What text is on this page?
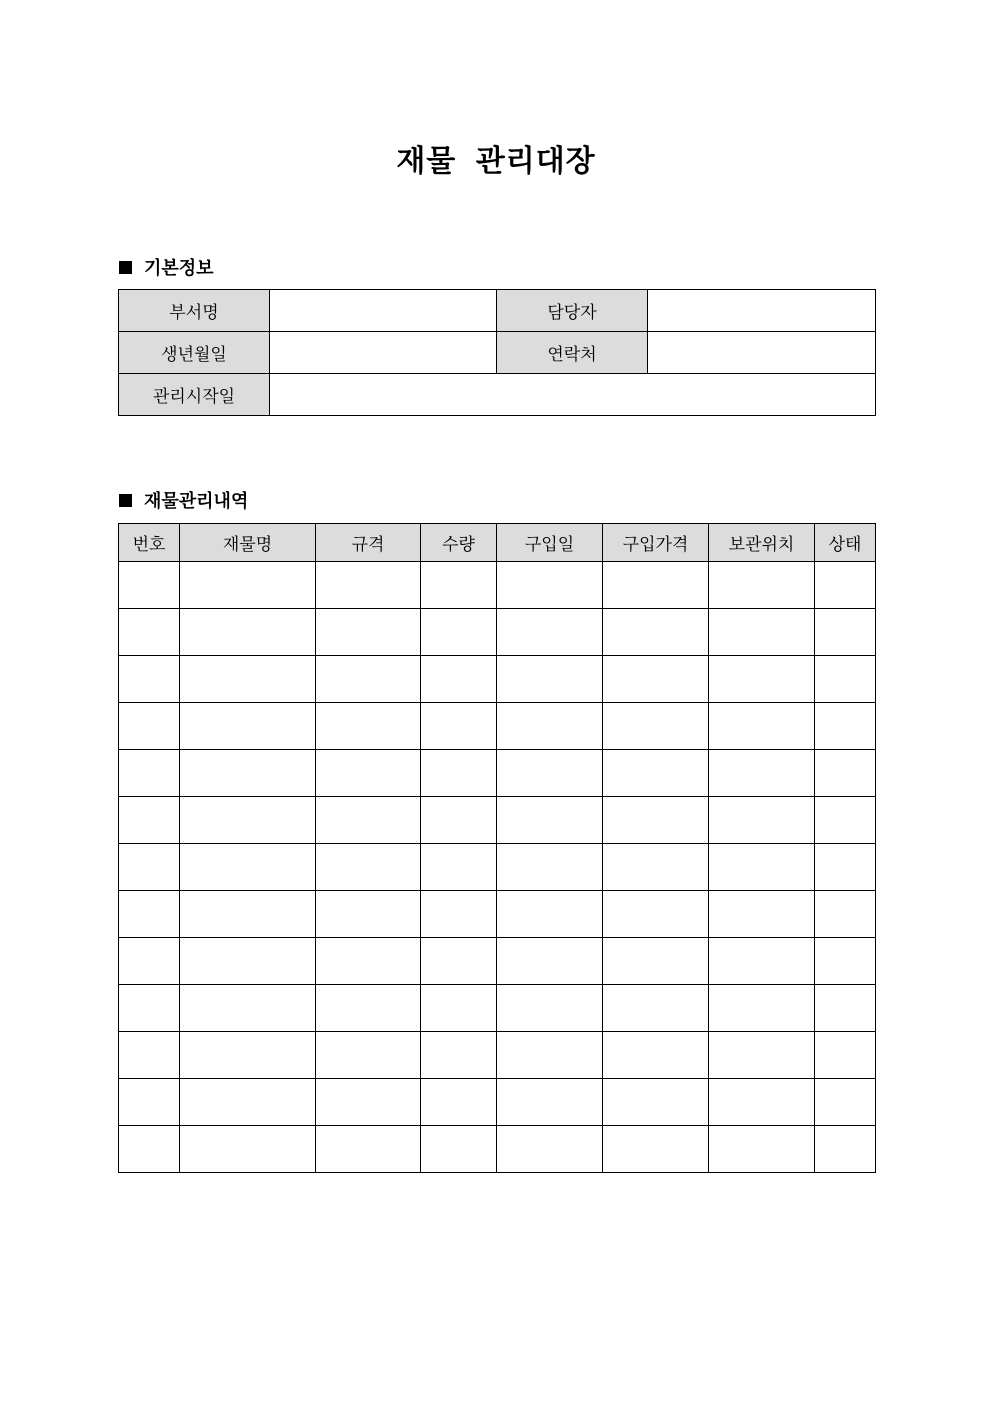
재물 관리대장
기본정보
부서명		담당자	
생년월일		연락처	
관리시작일			
재물관리내역
번호	재물명	규격	수량	구입일	구입가격	보관위치	상태
